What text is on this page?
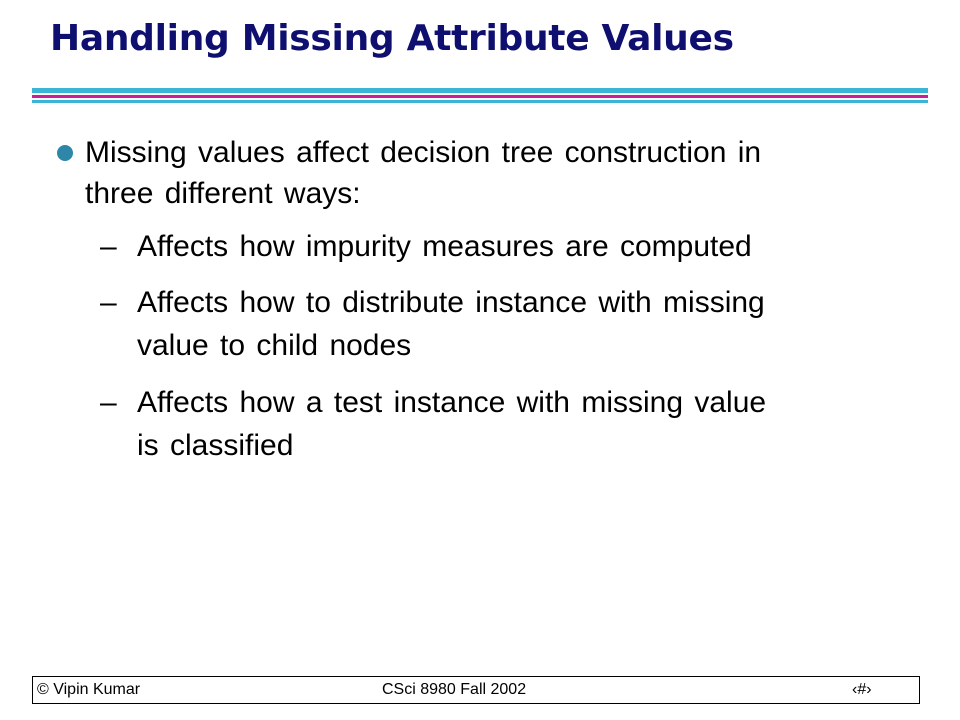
Handling Missing Attribute Values
Missing values affect decision tree construction in
three different ways:
– Affects how impurity measures are computed
– Affects how to distribute instance with missing
value to child nodes
– Affects how a test instance with missing value
is classified
© Vipin Kumar	CSci 8980 Fall 2002	‹#›
